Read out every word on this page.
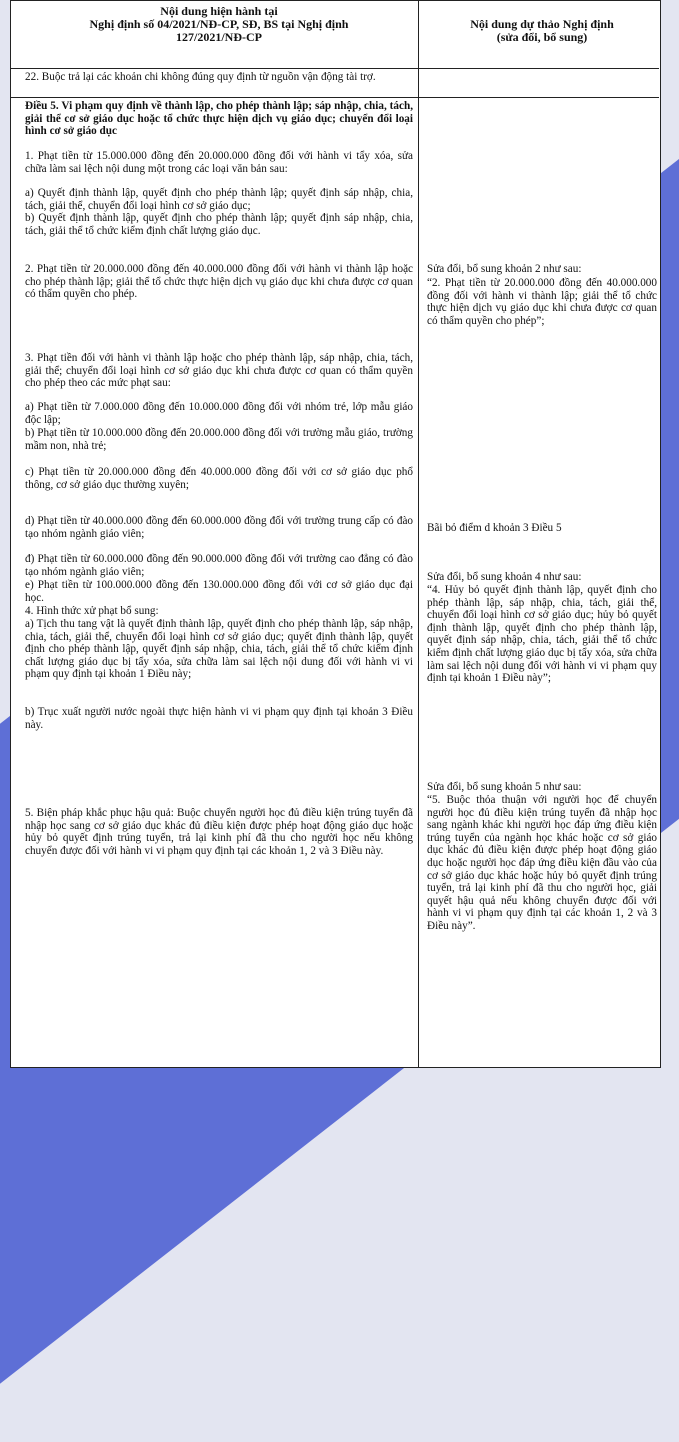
Nội dung hiện hành tại
Nghị định số 04/2021/NĐ-CP, SĐ, BS tại Nghị định
127/2021/NĐ-CP
Nội dung dự thảo Nghị định
(sửa đổi, bổ sung)
22. Buộc trả lại các khoản chi không đúng quy định từ nguồn vận động tài trợ.
Điều 5. Vi phạm quy định về thành lập, cho phép thành lập; sáp nhập, chia, tách, giải thể cơ sở giáo dục hoặc tổ chức thực hiện dịch vụ giáo dục; chuyển đổi loại hình cơ sở giáo dục
1. Phạt tiền từ 15.000.000 đồng đến 20.000.000 đồng đối với hành vi tẩy xóa, sửa chữa làm sai lệch nội dung một trong các loại văn bản sau:
a) Quyết định thành lập, quyết định cho phép thành lập; quyết định sáp nhập, chia, tách, giải thể, chuyển đổi loại hình cơ sở giáo dục;
b) Quyết định thành lập, quyết định cho phép thành lập; quyết định sáp nhập, chia, tách, giải thể tổ chức kiểm định chất lượng giáo dục.
2. Phạt tiền từ 20.000.000 đồng đến 40.000.000 đồng đối với hành vi thành lập hoặc cho phép thành lập; giải thể tổ chức thực hiện dịch vụ giáo dục khi chưa được cơ quan có thẩm quyền cho phép.
3. Phạt tiền đối với hành vi thành lập hoặc cho phép thành lập, sáp nhập, chia, tách, giải thể; chuyển đổi loại hình cơ sở giáo dục khi chưa được cơ quan có thẩm quyền cho phép theo các mức phạt sau:
a) Phạt tiền từ 7.000.000 đồng đến 10.000.000 đồng đối với nhóm trẻ, lớp mẫu giáo độc lập;
b) Phạt tiền từ 10.000.000 đồng đến 20.000.000 đồng đối với trường mẫu giáo, trường mầm non, nhà trẻ;
c) Phạt tiền từ 20.000.000 đồng đến 40.000.000 đồng đối với cơ sở giáo dục phổ thông, cơ sở giáo dục thường xuyên;
d) Phạt tiền từ 40.000.000 đồng đến 60.000.000 đồng đối với trường trung cấp có đào tạo nhóm ngành giáo viên;
đ) Phạt tiền từ 60.000.000 đồng đến 90.000.000 đồng đối với trường cao đẳng có đào tạo nhóm ngành giáo viên;
e) Phạt tiền từ 100.000.000 đồng đến 130.000.000 đồng đối với cơ sở giáo dục đại học.
4. Hình thức xử phạt bổ sung:
a) Tịch thu tang vật là quyết định thành lập, quyết định cho phép thành lập, sáp nhập, chia, tách, giải thể, chuyển đổi loại hình cơ sở giáo dục; quyết định thành lập, quyết định cho phép thành lập, quyết định sáp nhập, chia, tách, giải thể tổ chức kiểm định chất lượng giáo dục bị tẩy xóa, sửa chữa làm sai lệch nội dung đối với hành vi vi phạm quy định tại khoản 1 Điều này;
b) Trục xuất người nước ngoài thực hiện hành vi vi phạm quy định tại khoản 3 Điều này.
5. Biện pháp khắc phục hậu quả: Buộc chuyển người học đủ điều kiện trúng tuyển đã nhập học sang cơ sở giáo dục khác đủ điều kiện được phép hoạt động giáo dục hoặc hủy bỏ quyết định trúng tuyển, trả lại kinh phí đã thu cho người học nếu không chuyển được đối với hành vi vi phạm quy định tại các khoản 1, 2 và 3 Điều này.
Sửa đổi, bổ sung khoản 2 như sau:
“2. Phạt tiền từ 20.000.000 đồng đến 40.000.000 đồng đối với hành vi thành lập; giải thể tổ chức thực hiện dịch vụ giáo dục khi chưa được cơ quan có thẩm quyền cho phép”;
Bãi bỏ điểm d khoản 3 Điều 5
Sửa đổi, bổ sung khoản 4 như sau:
“4. Hủy bỏ quyết định thành lập, quyết định cho phép thành lập, sáp nhập, chia, tách, giải thể, chuyển đổi loại hình cơ sở giáo dục; hủy bỏ quyết định thành lập, quyết định cho phép thành lập, quyết định sáp nhập, chia, tách, giải thể tổ chức kiểm định chất lượng giáo dục bị tẩy xóa, sửa chữa làm sai lệch nội dung đối với hành vi vi phạm quy định tại khoản 1 Điều này”;
Sửa đổi, bổ sung khoản 5 như sau:
“5. Buộc thỏa thuận với người học để chuyển người học đủ điều kiện trúng tuyển đã nhập học sang ngành khác khi người học đáp ứng điều kiện trúng tuyển của ngành học khác hoặc cơ sở giáo dục khác đủ điều kiện được phép hoạt động giáo dục hoặc người học đáp ứng điều kiện đầu vào của cơ sở giáo dục khác hoặc hủy bỏ quyết định trúng tuyển, trả lại kinh phí đã thu cho người học, giải quyết hậu quả nếu không chuyển được đối với hành vi vi phạm quy định tại các khoản 1, 2 và 3 Điều này”.
